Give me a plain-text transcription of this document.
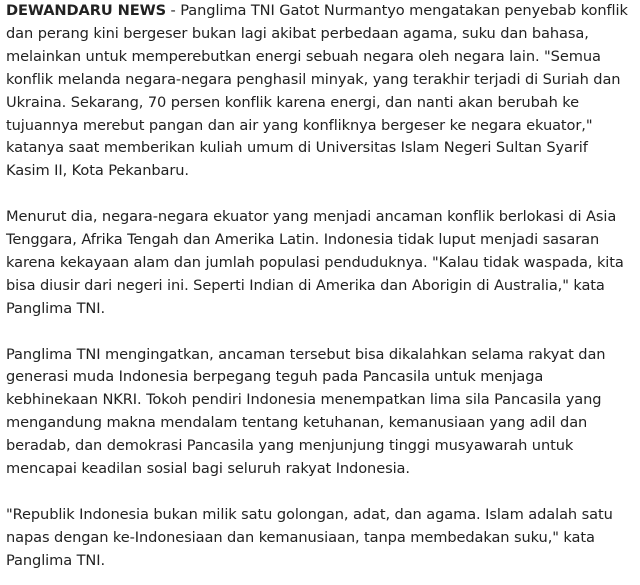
DEWANDARU NEWS - Panglima TNI Gatot Nurmantyo mengatakan penyebab konflik dan perang kini bergeser bukan lagi akibat perbedaan agama, suku dan bahasa, melainkan untuk memperebutkan energi sebuah negara oleh negara lain. "Semua konflik melanda negara-negara penghasil minyak, yang terakhir terjadi di Suriah dan Ukraina. Sekarang, 70 persen konflik karena energi, dan nanti akan berubah ke tujuannya merebut pangan dan air yang konfliknya bergeser ke negara ekuator," katanya saat memberikan kuliah umum di Universitas Islam Negeri Sultan Syarif Kasim II, Kota Pekanbaru.

Menurut dia, negara-negara ekuator yang menjadi ancaman konflik berlokasi di Asia Tenggara, Afrika Tengah dan Amerika Latin. Indonesia tidak luput menjadi sasaran karena kekayaan alam dan jumlah populasi penduduknya. "Kalau tidak waspada, kita bisa diusir dari negeri ini. Seperti Indian di Amerika dan Aborigin di Australia," kata Panglima TNI.

Panglima TNI mengingatkan, ancaman tersebut bisa dikalahkan selama rakyat dan generasi muda Indonesia berpegang teguh pada Pancasila untuk menjaga kebhinekaan NKRI. Tokoh pendiri Indonesia menempatkan lima sila Pancasila yang mengandung makna mendalam tentang ketuhanan, kemanusiaan yang adil dan beradab, dan demokrasi Pancasila yang menjunjung tinggi musyawarah untuk mencapai keadilan sosial bagi seluruh rakyat Indonesia.

"Republik Indonesia bukan milik satu golongan, adat, dan agama. Islam adalah satu napas dengan ke-Indonesiaan dan kemanusiaan, tanpa membedakan suku," kata Panglima TNI.
